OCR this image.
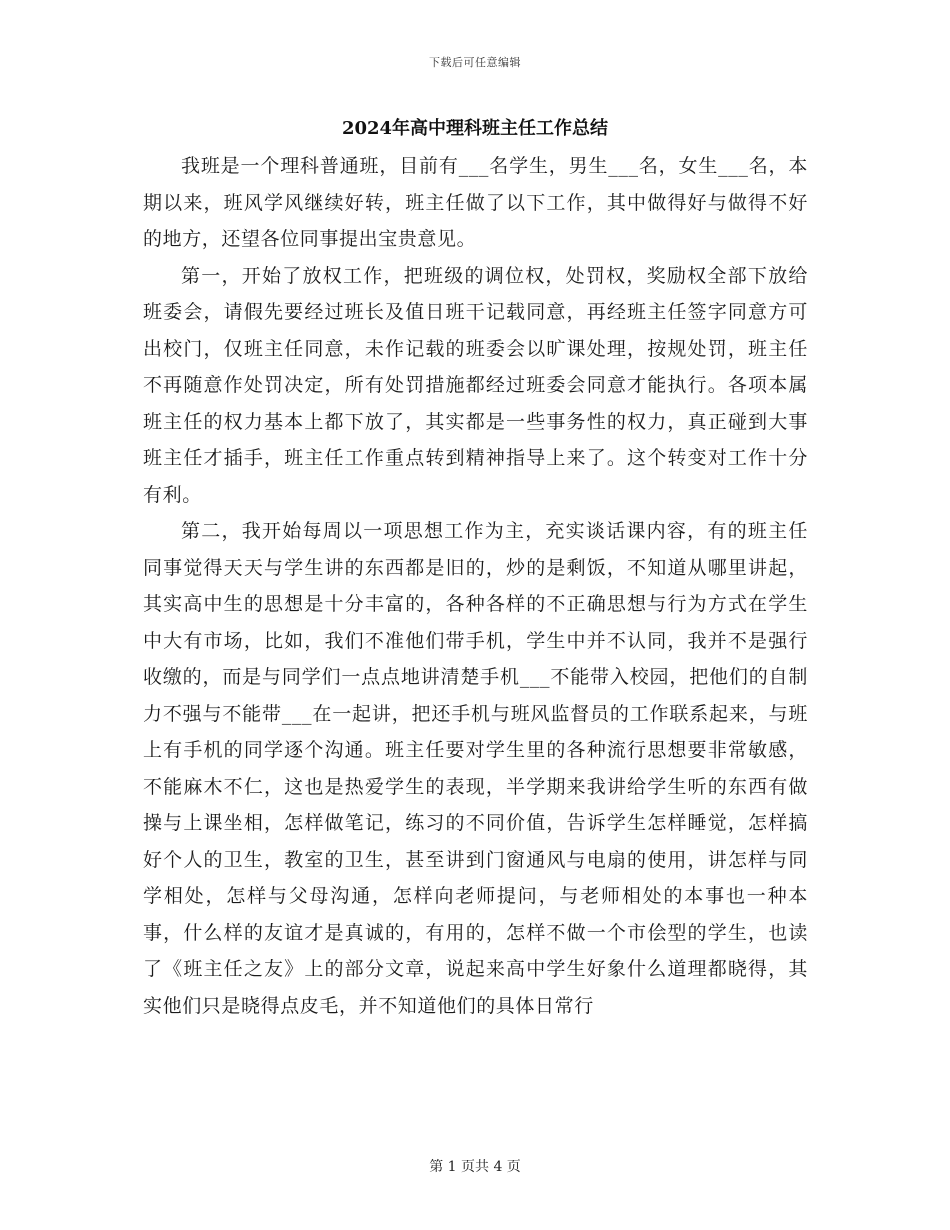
下载后可任意编辑
2024年高中理科班主任工作总结

我班是一个理科普通班，目前有___名学生，男生___名，女生___名，本期以来，班风学风继续好转，班主任做了以下工作，其中做得好与做得不好的地方，还望各位同事提出宝贵意见。

第一，开始了放权工作，把班级的调位权，处罚权，奖励权全部下放给班委会，请假先要经过班长及值日班干记载同意，再经班主任签字同意方可出校门，仅班主任同意，未作记载的班委会以旷课处理，按规处罚，班主任不再随意作处罚决定，所有处罚措施都经过班委会同意才能执行。各项本属班主任的权力基本上都下放了，其实都是一些事务性的权力，真正碰到大事班主任才插手，班主任工作重点转到精神指导上来了。这个转变对工作十分有利。

第二，我开始每周以一项思想工作为主，充实谈话课内容，有的班主任同事觉得天天与学生讲的东西都是旧的，炒的是剩饭，不知道从哪里讲起，其实高中生的思想是十分丰富的，各种各样的不正确思想与行为方式在学生中大有市场，比如，我们不准他们带手机，学生中并不认同，我并不是强行收缴的，而是与同学们一点点地讲清楚手机___不能带入校园，把他们的自制力不强与不能带___在一起讲，把还手机与班风监督员的工作联系起来，与班上有手机的同学逐个沟通。班主任要对学生里的各种流行思想要非常敏感，不能麻木不仁，这也是热爱学生的表现，半学期来我讲给学生听的东西有做操与上课坐相，怎样做笔记，练习的不同价值，告诉学生怎样睡觉，怎样搞好个人的卫生，教室的卫生，甚至讲到门窗通风与电扇的使用，讲怎样与同学相处，怎样与父母沟通，怎样向老师提问，与老师相处的本事也一种本事，什么样的友谊才是真诚的，有用的，怎样不做一个市侩型的学生，也读了《班主任之友》上的部分文章，说起来高中学生好象什么道理都晓得，其实他们只是晓得点皮毛，并不知道他们的具体日常行

第 1 页共 4 页
